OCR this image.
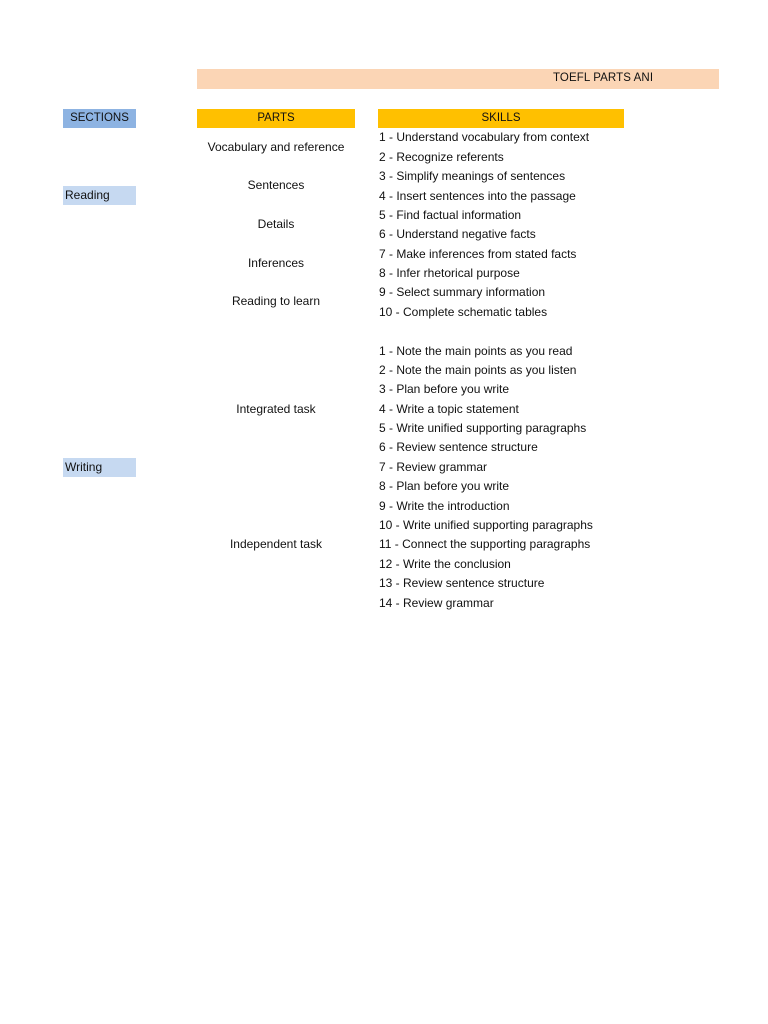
TOEFL PARTS ANI
SECTIONS	PARTS	SKILLS
Reading
Writing
Vocabulary and reference
Sentences
Details
Inferences
Reading to learn
Integrated task
Independent task
1 - Understand vocabulary from context
2 - Recognize referents
3 - Simplify meanings of sentences
4 - Insert sentences into the passage
5 - Find factual information
6 - Understand negative facts
7 - Make inferences from stated facts
8 - Infer rhetorical purpose
9 - Select summary information
10 - Complete schematic tables
1 - Note the main points as you read
2 - Note the main points as you listen
3 - Plan before you write
4 - Write a topic statement
5 - Write unified supporting paragraphs
6 - Review sentence structure
7 - Review grammar
8 - Plan before you write
9 - Write the introduction
10 - Write unified supporting paragraphs
11 - Connect the supporting paragraphs
12 - Write the conclusion
13 - Review sentence structure
14 - Review grammar
